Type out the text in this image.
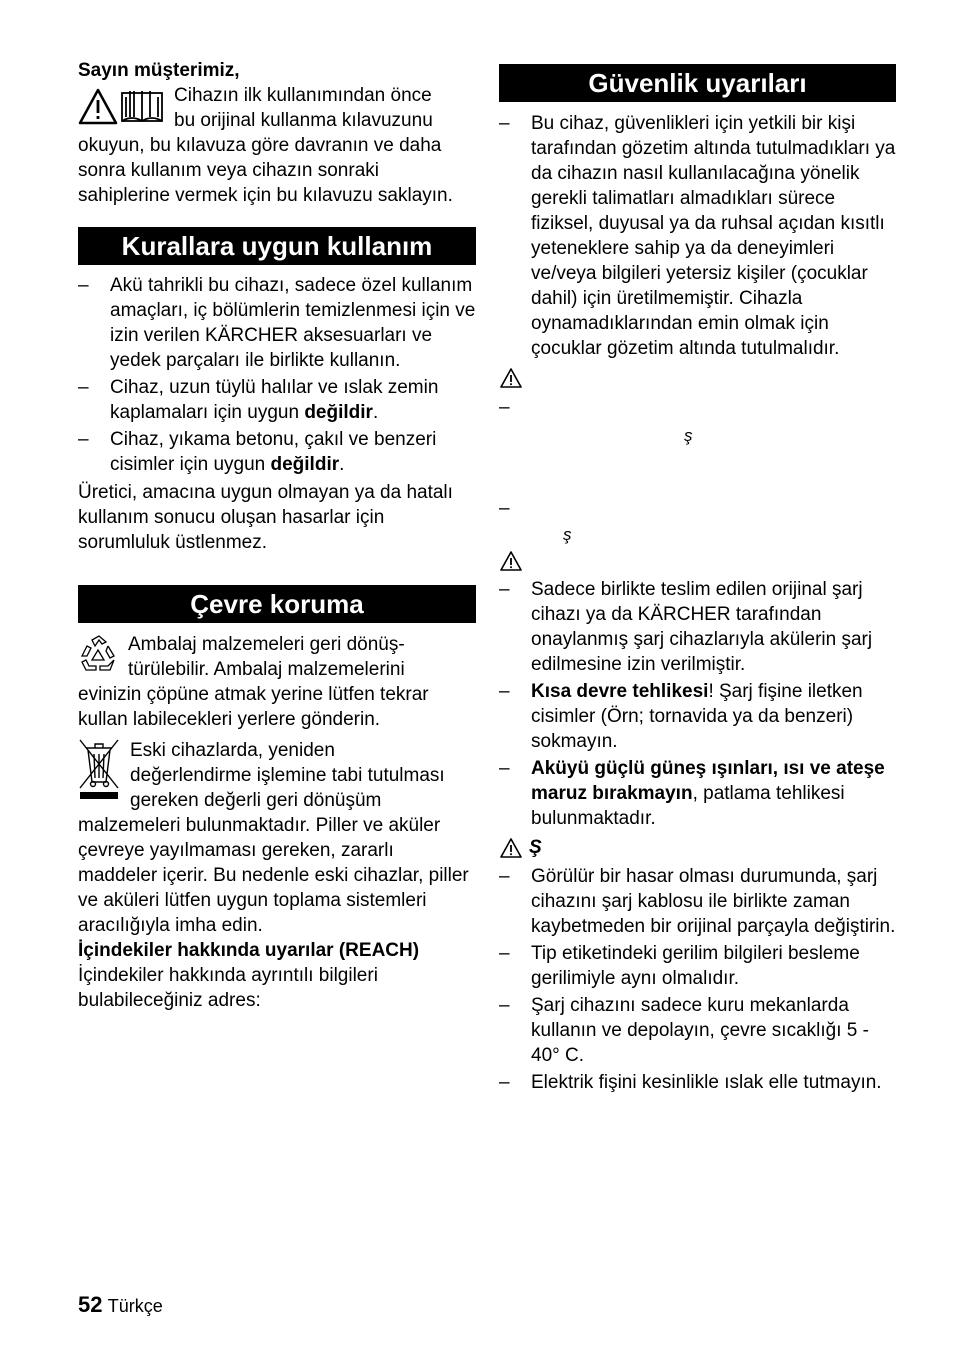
Sayın müşterimiz,

Cihazın ilk kullanımından önce

bu orijinal kullanma kılavuzunu

okuyun, bu kılavuza göre davranın ve daha sonra kullanım veya cihazın sonraki sahiplerine vermek için bu kılavuzu saklayın.

Kurallara uygun kullanım
– Akü tahrikli bu cihazı, sadece özel kullanım amaçları, iç bölümlerin temizlenmesi için ve izin verilen KÄRCHER aksesuarları ve yedek parçaları ile birlikte kullanın.
– Cihaz, uzun tüylü halılar ve ıslak zemin kaplamaları için uygun değildir.
– Cihaz, yıkama betonu, çakıl ve benzeri cisimler için uygun değildir.

Üretici, amacına uygun olmayan ya da hatalı kullanım sonucu oluşan hasarlar için sorumluluk üstlenmez.

Çevre koruma

Ambalaj malzemeleri geri dönüş-

türülebilir. Ambalaj malzemelerini

evinizin çöpüne atmak yerine lütfen tekrar kullan labilecekleri yerlere gönderin.

Eski cihazlarda, yeniden

değerlendirme işlemine tabi tutulması

gereken değerli geri dönüşüm

malzemeleri bulunmaktadır. Piller ve aküler çevreye yayılmaması gereken, zararlı maddeler içerir. Bu nedenle eski cihazlar, piller ve aküleri lütfen uygun toplama sistemleri aracılığıyla imha edin.

İçindekiler hakkında uyarılar (REACH)

İçindekiler hakkında ayrıntılı bilgileri bulabileceğiniz adres:

Güvenlik uyarıları
– Bu cihaz, güvenlikleri için yetkili bir kişi tarafından gözetim altında tutulmadıkları ya da cihazın nasıl kullanılacağına yönelik gerekli talimatları almadıkları sürece fiziksel, duyusal ya da ruhsal açıdan kısıtlı yeteneklere sahip ya da deneyimleri ve/veya bilgileri yetersiz kişiler (çocuklar dahil) için üretilmemiştir. Cihazla oynamadıklarından emin olmak için çocuklar gözetim altında tutulmalıdır.
–
ş
–
ş
– Sadece birlikte teslim edilen orijinal şarj cihazı ya da KÄRCHER tarafından onaylanmış şarj cihazlarıyla akülerin şarj edilmesine izin verilmiştir.
– Kısa devre tehlikesi! Şarj fişine iletken cisimler (Örn; tornavida ya da benzeri) sokmayın.
– Aküyü güçlü güneş ışınları, ısı ve ateşe maruz bırakmayın, patlama tehlikesi bulunmaktadır.
Ş
– Görülür bir hasar olması durumunda, şarj cihazını şarj kablosu ile birlikte zaman kaybetmeden bir orijinal parçayla değiştirin.
– Tip etiketindeki gerilim bilgileri besleme gerilimiyle aynı olmalıdır.
– Şarj cihazını sadece kuru mekanlarda kullanın ve depolayın, çevre sıcaklığı 5 - 40° C.
– Elektrik fişini kesinlikle ıslak elle tutmayın.
52 Türkçe
